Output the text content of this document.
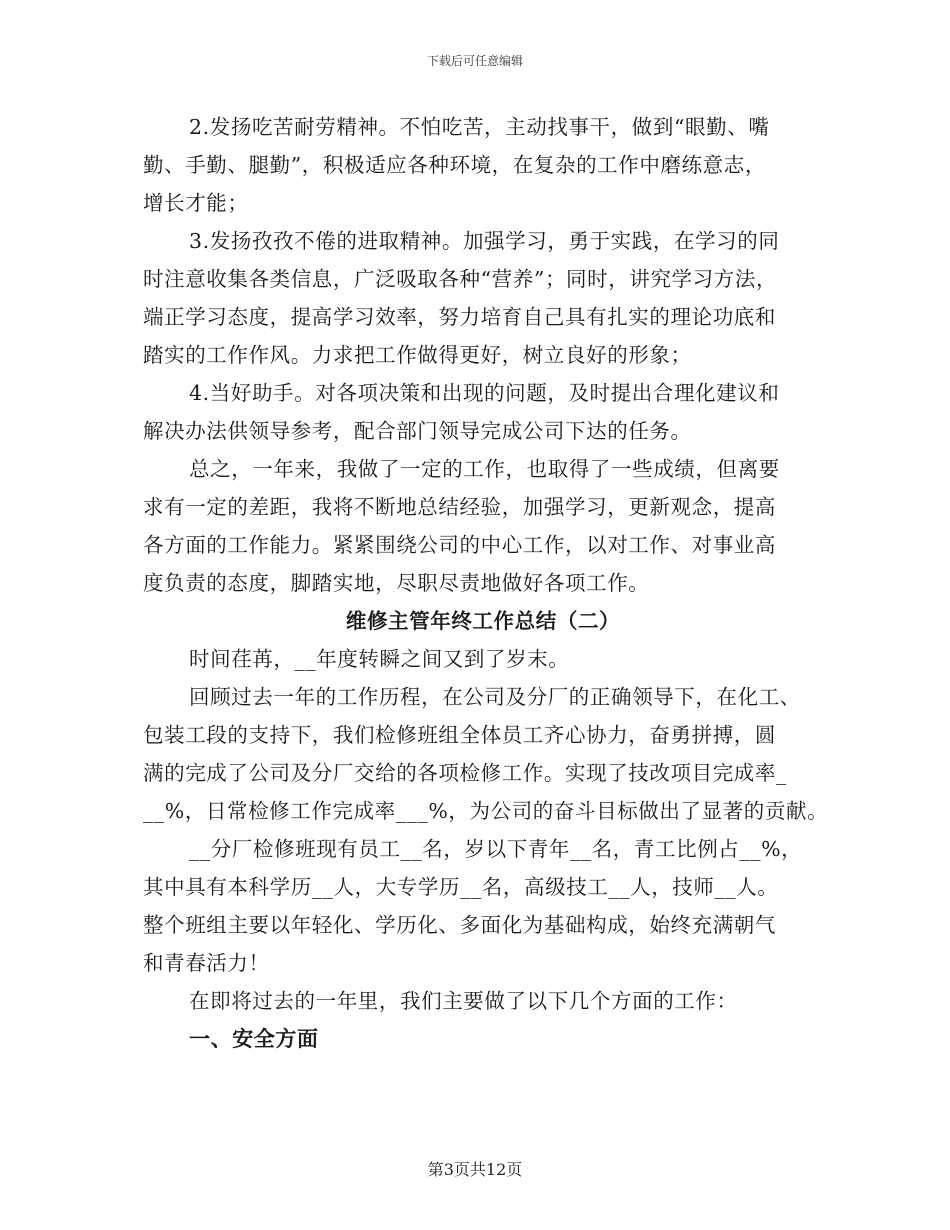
下载后可任意编辑
2.发扬吃苦耐劳精神。不怕吃苦，主动找事干，做到“眼勤、嘴
勤、手勤、腿勤”，积极适应各种环境，在复杂的工作中磨练意志，
增长才能；
3.发扬孜孜不倦的进取精神。加强学习，勇于实践，在学习的同
时注意收集各类信息，广泛吸取各种“营养”；同时，讲究学习方法，
端正学习态度，提高学习效率，努力培育自己具有扎实的理论功底和
踏实的工作作风。力求把工作做得更好，树立良好的形象；
4.当好助手。对各项决策和出现的问题，及时提出合理化建议和
解决办法供领导参考，配合部门领导完成公司下达的任务。
总之，一年来，我做了一定的工作，也取得了一些成绩，但离要
求有一定的差距，我将不断地总结经验，加强学习，更新观念，提高
各方面的工作能力。紧紧围绕公司的中心工作，以对工作、对事业高
度负责的态度，脚踏实地，尽职尽责地做好各项工作。
维修主管年终工作总结（二）
时间荏苒，__年度转瞬之间又到了岁末。
回顾过去一年的工作历程，在公司及分厂的正确领导下，在化工、
包装工段的支持下，我们检修班组全体员工齐心协力，奋勇拼搏，圆
满的完成了公司及分厂交给的各项检修工作。实现了技改项目完成率_
__%，日常检修工作完成率___%，为公司的奋斗目标做出了显著的贡献。
__分厂检修班现有员工__名，岁以下青年__名，青工比例占__%，
其中具有本科学历__人，大专学历__名，高级技工__人，技师__人。
整个班组主要以年轻化、学历化、多面化为基础构成，始终充满朝气
和青春活力！
在即将过去的一年里，我们主要做了以下几个方面的工作：
一、安全方面
第3页共12页
